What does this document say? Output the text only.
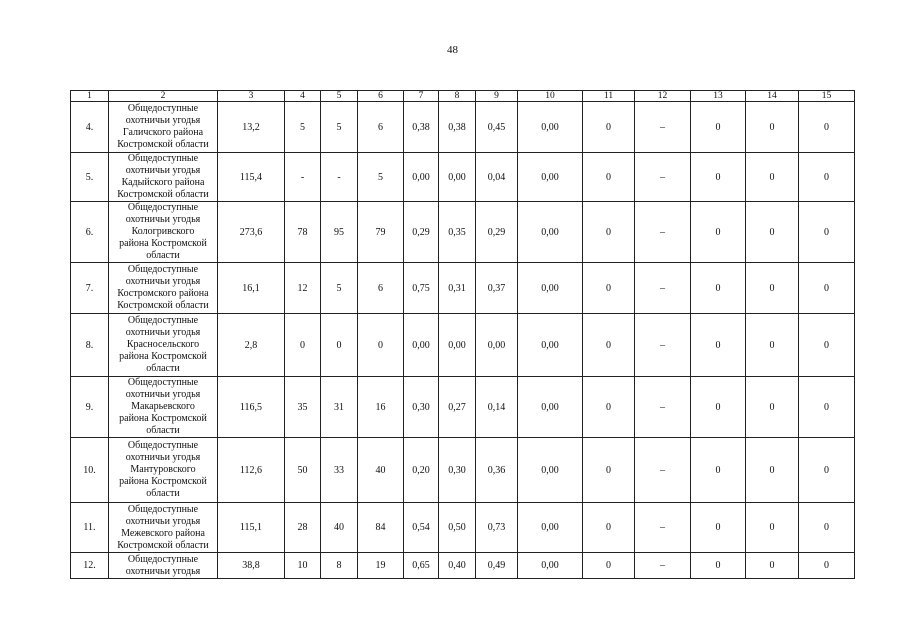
48
1	2	3	4	5	6	7	8	9	10	11	12	13	14	15
4.	Общедоступные
охотничьи угодья
Галичского района
Костромской области	13,2	5	5	6	0,38	0,38	0,45	0,00	0	–	0	0	0
5.	Общедоступные
охотничьи угодья
Кадыйского района
Костромской области	115,4	-	-	5	0,00	0,00	0,04	0,00	0	–	0	0	0
6.	Общедоступные
охотничьи угодья
Кологривского
района Костромской
области	273,6	78	95	79	0,29	0,35	0,29	0,00	0	–	0	0	0
7.	Общедоступные
охотничьи угодья
Костромского района
Костромской области	16,1	12	5	6	0,75	0,31	0,37	0,00	0	–	0	0	0
8.	Общедоступные
охотничьи угодья
Красносельского
района Костромской
области	2,8	0	0	0	0,00	0,00	0,00	0,00	0	–	0	0	0
9.	Общедоступные
охотничьи угодья
Макарьевского
района Костромской
области	116,5	35	31	16	0,30	0,27	0,14	0,00	0	–	0	0	0
10.	Общедоступные
охотничьи угодья
Мантуровского
района Костромской
области	112,6	50	33	40	0,20	0,30	0,36	0,00	0	–	0	0	0
11.	Общедоступные
охотничьи угодья
Межевского района
Костромской области	115,1	28	40	84	0,54	0,50	0,73	0,00	0	–	0	0	0
12.	Общедоступные
охотничьи угодья	38,8	10	8	19	0,65	0,40	0,49	0,00	0	–	0	0	0
